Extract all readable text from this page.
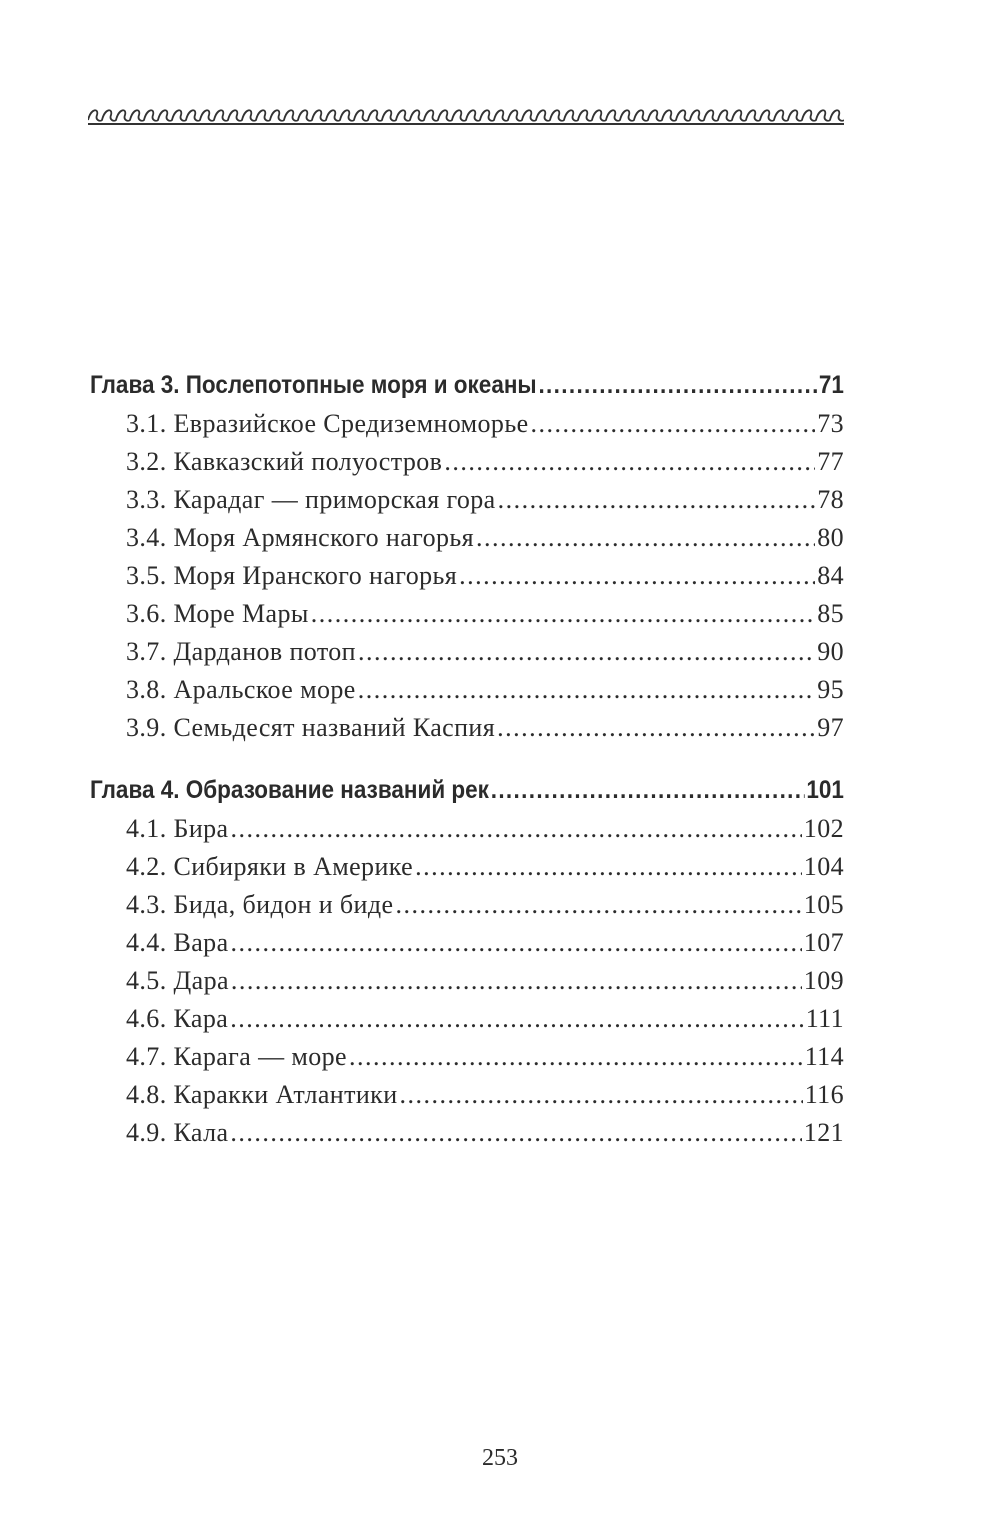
Глава 3. Послепотопные моря и океаны .....	71
3.1. Евразийское Средиземноморье .....	73
3.2. Кавказский полуостров .....	77
3.3. Карадаг — приморская гора .....	78
3.4. Моря Армянского нагорья .....	80
3.5. Моря Иранского нагорья .....	84
3.6. Море Мары .....	85
3.7. Дарданов потоп .....	90
3.8. Аральское море .....	95
3.9. Семьдесят названий Каспия .....	97
Глава 4. Образование названий рек .....	101
4.1. Бира .....	102
4.2. Сибиряки в Америке .....	104
4.3. Бида, бидон и биде .....	105
4.4. Вара .....	107
4.5. Дара .....	109
4.6. Кара .....	111
4.7. Карага — море .....	114
4.8. Каракки Атлантики .....	116
4.9. Кала .....	121
253
